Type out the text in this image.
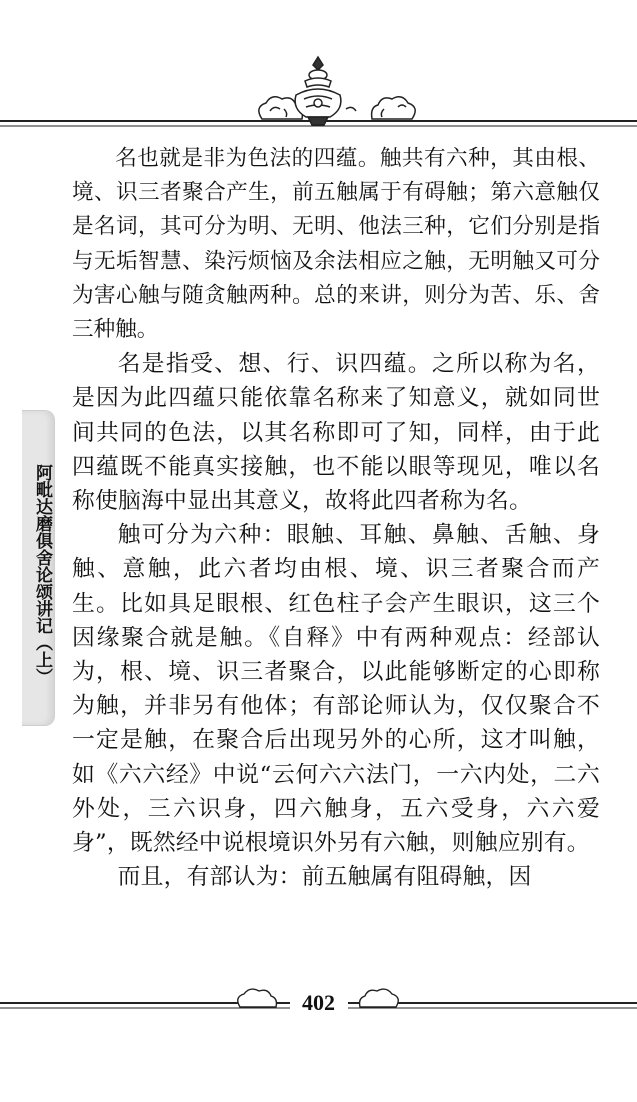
阿毗达磨俱舍论颂讲记（上）

名也就是非为色法的四蕴。触共有六种，其由根、境、识三者聚合产生，前五触属于有碍触；第六意触仅是名词，其可分为明、无明、他法三种，它们分别是指与无垢智慧、染污烦恼及余法相应之触，无明触又可分为害心触与随贪触两种。总的来讲，则分为苦、乐、舍三种触。

名是指受、想、行、识四蕴。之所以称为名，是因为此四蕴只能依靠名称来了知意义，就如同世间共同的色法，以其名称即可了知，同样，由于此四蕴既不能真实接触，也不能以眼等现见，唯以名称使脑海中显出其意义，故将此四者称为名。

触可分为六种：眼触、耳触、鼻触、舌触、身触、意触，此六者均由根、境、识三者聚合而产生。比如具足眼根、红色柱子会产生眼识，这三个因缘聚合就是触。《自释》中有两种观点：经部认为，根、境、识三者聚合，以此能够断定的心即称为触，并非另有他体；有部论师认为，仅仅聚合不一定是触，在聚合后出现另外的心所，这才叫触，如《六六经》中说“云何六六法门，一六内处，二六外处，三六识身，四六触身，五六受身，六六爱身”，既然经中说根境识外另有六触，则触应别有。

而且，有部认为：前五触属有阻碍触，因

402
